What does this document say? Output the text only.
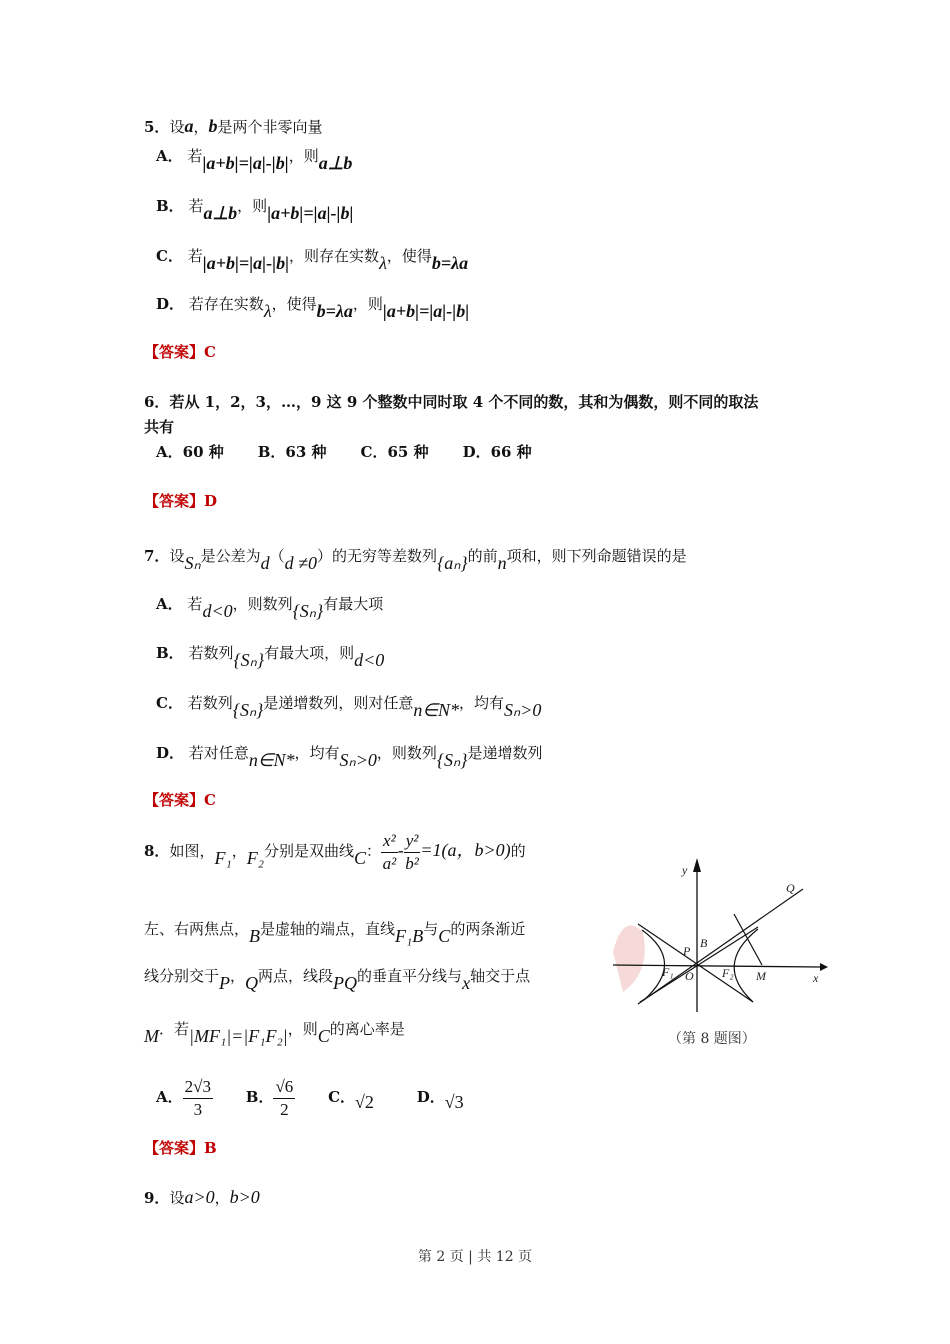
5．设a，b是两个非零向量
A． 若|a+b|=|a|-|b|，则a⊥b
B． 若a⊥b，则|a+b|=|a|-|b|
C． 若|a+b|=|a|-|b|，则存在实数λ，使得b=λa
D． 若存在实数λ，使得b=λa，则|a+b|=|a|-|b|
【答案】C
6．若从 1，2，3，…，9 这 9 个整数中同时取 4 个不同的数，其和为偶数，则不同的取法
共有
A．60 种 B．63 种 C．65 种 D．66 种
【答案】D
7．设Sₙ是公差为d（d ≠0）的无穷等差数列{aₙ}的前n项和，则下列命题错误的是
A． 若d<0，则数列{Sₙ}有最大项
B． 若数列{Sₙ}有最大项，则d<0
C． 若数列{Sₙ}是递增数列，则对任意n∈N*，均有Sₙ>0
D． 若对任意n∈N*，均有Sₙ>0，则数列{Sₙ}是递增数列
【答案】C
8．如图，F₁，F₂分别是双曲线C： $\frac{\text{x²}}{\text{a²}} - \frac{\text{y²}}{\text{b²}} =1(a$，b>0)的
左、右两焦点，B是虚轴的端点，直线F₁B与C的两条渐近
线分别交于P，Q两点，线段PQ的垂直平分线与x轴交于点
M．若|MF₁|=|F₁F₂|，则C的离心率是
A． $\frac{2√3}{3}$ B． $\frac{√6}{2}$ C．√2	D．√3
【答案】B
y
x
Q
B
P
F₁ O F₂ M
（第 8 题图）
9．设a>0，b>0
第 2 页 | 共 12 页
